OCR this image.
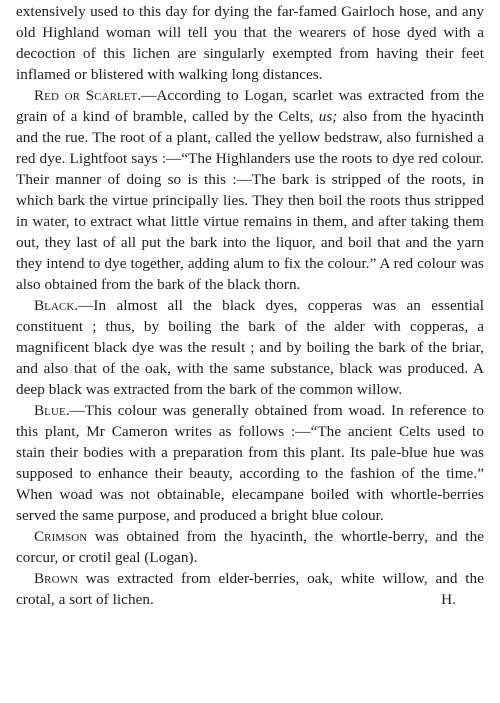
extensively used to this day for dying the far-famed Gairloch hose, and any old Highland woman will tell you that the wearers of hose dyed with a decoction of this lichen are singularly exempted from having their feet inflamed or blistered with walking long distances.

Red or Scarlet.—According to Logan, scarlet was extracted from the grain of a kind of bramble, called by the Celts, us; also from the hyacinth and the rue. The root of a plant, called the yellow bedstraw, also furnished a red dye. Lightfoot says :—“The Highlanders use the roots to dye red colour. Their manner of doing so is this :—The bark is stripped of the roots, in which bark the virtue principally lies. They then boil the roots thus stripped in water, to extract what little virtue remains in them, and after taking them out, they last of all put the bark into the liquor, and boil that and the yarn they intend to dye together, adding alum to fix the colour.” A red colour was also obtained from the bark of the black thorn.

Black.—In almost all the black dyes, copperas was an essential constituent ; thus, by boiling the bark of the alder with copperas, a magnificent black dye was the result ; and by boiling the bark of the briar, and also that of the oak, with the same substance, black was produced. A deep black was extracted from the bark of the common willow.

Blue.—This colour was generally obtained from woad. In reference to this plant, Mr Cameron writes as follows :—“The ancient Celts used to stain their bodies with a preparation from this plant. Its pale-blue hue was supposed to enhance their beauty, according to the fashion of the time.” When woad was not obtainable, elecampane boiled with whortle-berries served the same purpose, and produced a bright blue colour.

Crimson was obtained from the hyacinth, the whortle-berry, and the corcur, or crotil geal (Logan).

Brown was extracted from elder-berries, oak, white willow, and the crotal, a sort of lichen.	H.
